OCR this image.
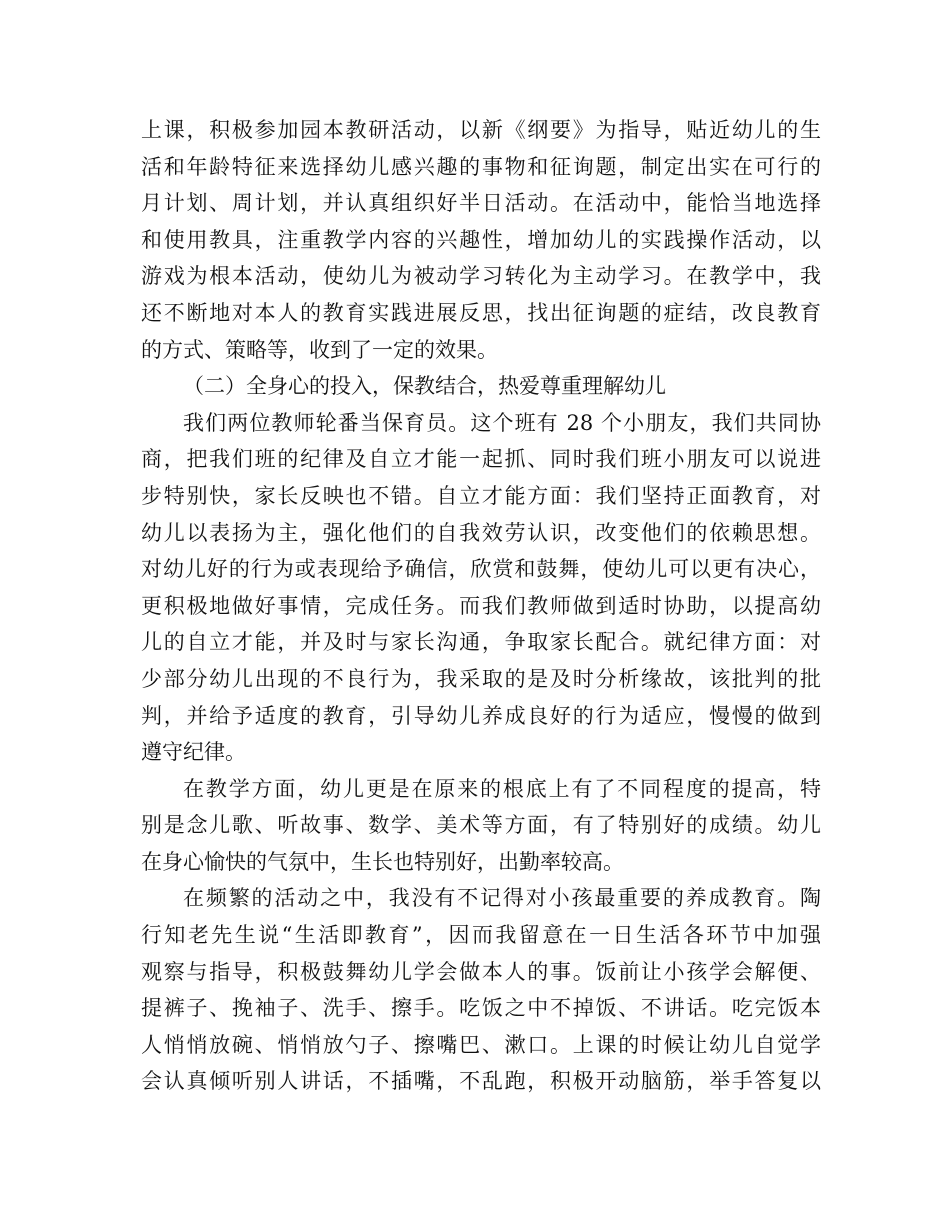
上课，积极参加园本教研活动，以新《纲要》为指导，贴近幼儿的生
活和年龄特征来选择幼儿感兴趣的事物和征询题，制定出实在可行的
月计划、周计划，并认真组织好半日活动。在活动中，能恰当地选择
和使用教具，注重教学内容的兴趣性，增加幼儿的实践操作活动，以
游戏为根本活动，使幼儿为被动学习转化为主动学习。在教学中，我
还不断地对本人的教育实践进展反思，找出征询题的症结，改良教育
的方式、策略等，收到了一定的效果。
（二）全身心的投入，保教结合，热爱尊重理解幼儿
我们两位教师轮番当保育员。这个班有 28 个小朋友，我们共同协
商，把我们班的纪律及自立才能一起抓、同时我们班小朋友可以说进
步特别快，家长反映也不错。自立才能方面：我们坚持正面教育，对
幼儿以表扬为主，强化他们的自我效劳认识，改变他们的依赖思想。
对幼儿好的行为或表现给予确信，欣赏和鼓舞，使幼儿可以更有决心，
更积极地做好事情，完成任务。而我们教师做到适时协助，以提高幼
儿的自立才能，并及时与家长沟通，争取家长配合。就纪律方面：对
少部分幼儿出现的不良行为，我采取的是及时分析缘故，该批判的批
判，并给予适度的教育，引导幼儿养成良好的行为适应，慢慢的做到
遵守纪律。
在教学方面，幼儿更是在原来的根底上有了不同程度的提高，特
别是念儿歌、听故事、数学、美术等方面，有了特别好的成绩。幼儿
在身心愉快的气氛中，生长也特别好，出勤率较高。
在频繁的活动之中，我没有不记得对小孩最重要的养成教育。陶
行知老先生说“生活即教育”，因而我留意在一日生活各环节中加强
观察与指导，积极鼓舞幼儿学会做本人的事。饭前让小孩学会解便、
提裤子、挽袖子、洗手、擦手。吃饭之中不掉饭、不讲话。吃完饭本
人悄悄放碗、悄悄放勺子、擦嘴巴、漱口。上课的时候让幼儿自觉学
会认真倾听别人讲话，不插嘴，不乱跑，积极开动脑筋，举手答复以
